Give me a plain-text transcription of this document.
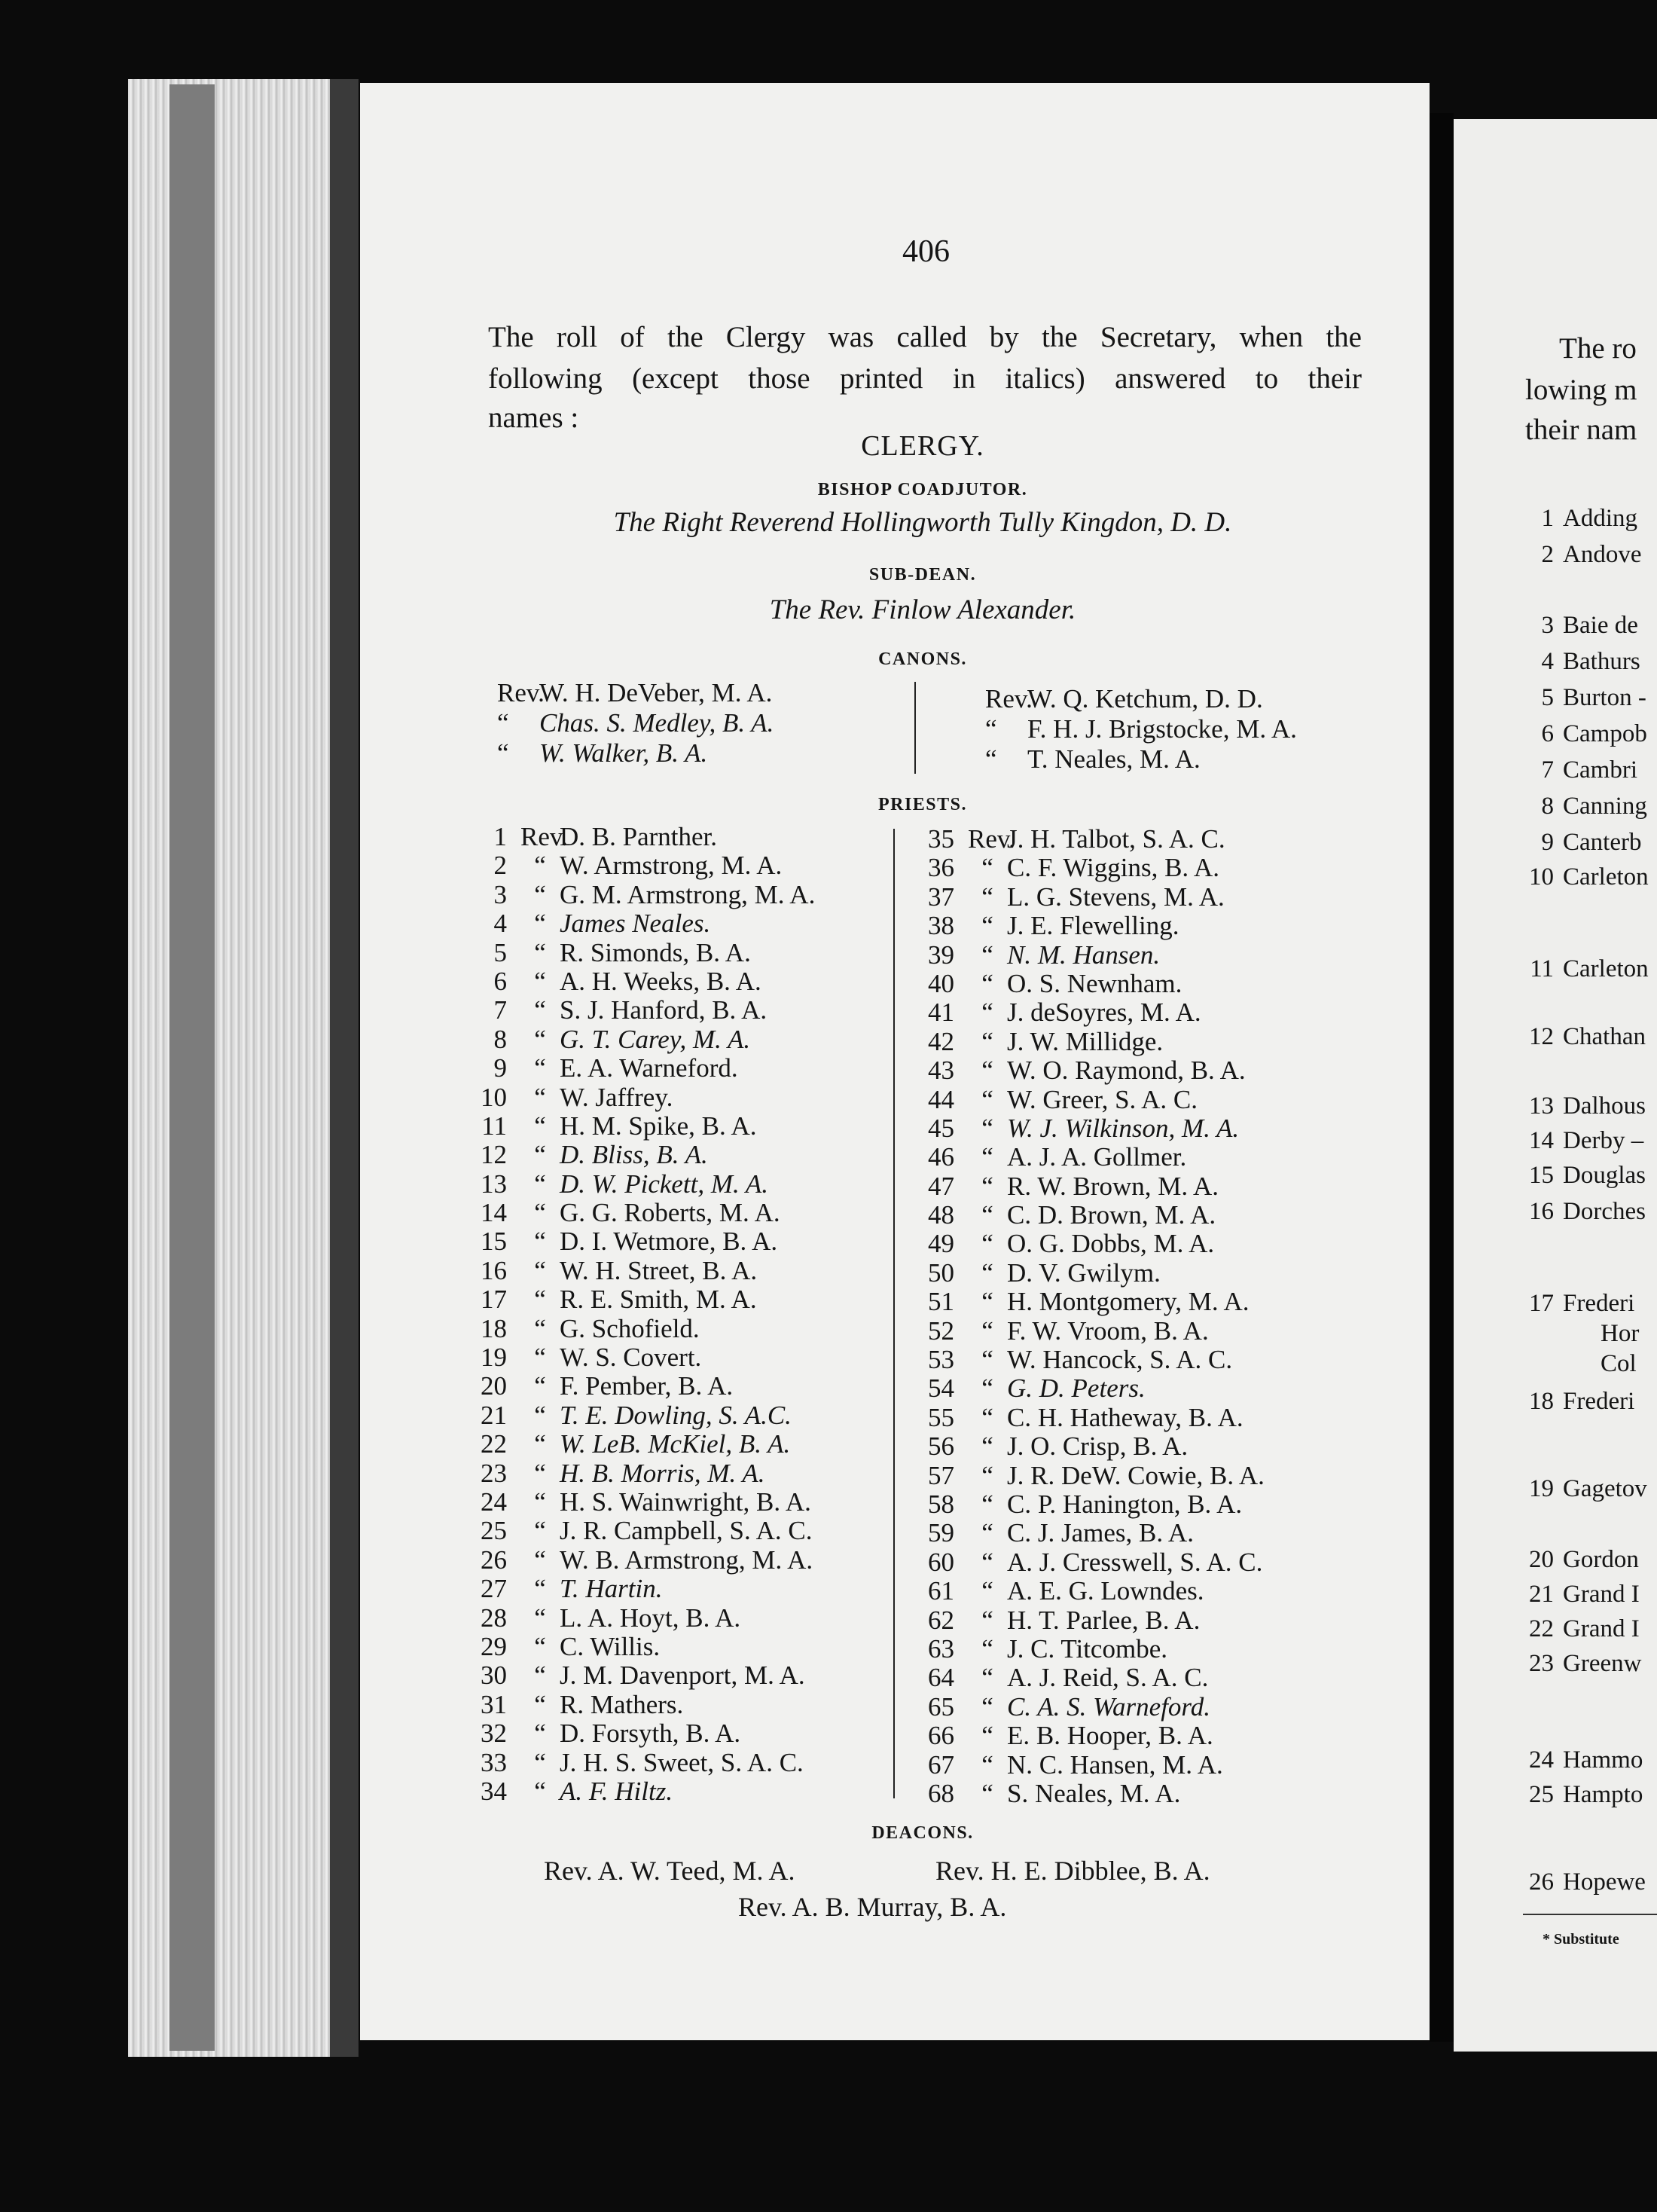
406
The roll of the Clergy was called by the Secretary, when the
following (except those printed in italics) answered to their
names :
CLERGY.
BISHOP COADJUTOR.
The Right Reverend Hollingworth Tully Kingdon, D. D.
SUB-DEAN.
The Rev. Finlow Alexander.
CANONS.
Rev.W. H. DeVeber, M. A.
“ Chas. S. Medley, B. A.
“ W. Walker, B. A.
Rev.W. Q. Ketchum, D. D.
“ F. H. J. Brigstocke, M. A.
“ T. Neales, M. A.
PRIESTS.
1 Rev.D. B. Parnther.
2 “ W. Armstrong, M. A.
3 “ G. M. Armstrong, M. A.
4 “ James Neales.
5 “ R. Simonds, B. A.
6 “ A. H. Weeks, B. A.
7 “ S. J. Hanford, B. A.
8 “ G. T. Carey, M. A.
9 “ E. A. Warneford.
10 “ W. Jaffrey.
11 “ H. M. Spike, B. A.
12 “ D. Bliss, B. A.
13 “ D. W. Pickett, M. A.
14 “ G. G. Roberts, M. A.
15 “ D. I. Wetmore, B. A.
16 “ W. H. Street, B. A.
17 “ R. E. Smith, M. A.
18 “ G. Schofield.
19 “ W. S. Covert.
20 “ F. Pember, B. A.
21 “ T. E. Dowling, S. A.C.
22 “ W. LeB. McKiel, B. A.
23 “ H. B. Morris, M. A.
24 “ H. S. Wainwright, B. A.
25 “ J. R. Campbell, S. A. C.
26 “ W. B. Armstrong, M. A.
27 “ T. Hartin.
28 “ L. A. Hoyt, B. A.
29 “ C. Willis.
30 “ J. M. Davenport, M. A.
31 “ R. Mathers.
32 “ D. Forsyth, B. A.
33 “ J. H. S. Sweet, S. A. C.
34 “ A. F. Hiltz.
35 Rev.J. H. Talbot, S. A. C.
36 “ C. F. Wiggins, B. A.
37 “ L. G. Stevens, M. A.
38 “ J. E. Flewelling.
39 “ N. M. Hansen.
40 “ O. S. Newnham.
41 “ J. deSoyres, M. A.
42 “ J. W. Millidge.
43 “ W. O. Raymond, B. A.
44 “ W. Greer, S. A. C.
45 “ W. J. Wilkinson, M. A.
46 “ A. J. A. Gollmer.
47 “ R. W. Brown, M. A.
48 “ C. D. Brown, M. A.
49 “ O. G. Dobbs, M. A.
50 “ D. V. Gwilym.
51 “ H. Montgomery, M. A.
52 “ F. W. Vroom, B. A.
53 “ W. Hancock, S. A. C.
54 “ G. D. Peters.
55 “ C. H. Hatheway, B. A.
56 “ J. O. Crisp, B. A.
57 “ J. R. DeW. Cowie, B. A.
58 “ C. P. Hanington, B. A.
59 “ C. J. James, B. A.
60 “ A. J. Cresswell, S. A. C.
61 “ A. E. G. Lowndes.
62 “ H. T. Parlee, B. A.
63 “ J. C. Titcombe.
64 “ A. J. Reid, S. A. C.
65 “ C. A. S. Warneford.
66 “ E. B. Hooper, B. A.
67 “ N. C. Hansen, M. A.
68 “ S. Neales, M. A.
DEACONS.
Rev. A. W. Teed, M. A.	Rev. H. E. Dibblee, B. A.
Rev. A. B. Murray, B. A.
The ro
lowing m
their nam
1 Adding
2 Andove
3 Baie de
4 Bathurs
5 Burton -
6 Campob
7 Cambri
8 Canning
9 Canterb
10 Carleton
11 Carleton
12 Chathan
13 Dalhous
14 Derby –
15 Douglas
16 Dorches
17 Frederi
Hor
Col
18 Frederi
19 Gagetov
20 Gordon
21 Grand I
22 Grand I
23 Greenw
24 Hammo
25 Hampto
26 Hopewe
* Substitute
